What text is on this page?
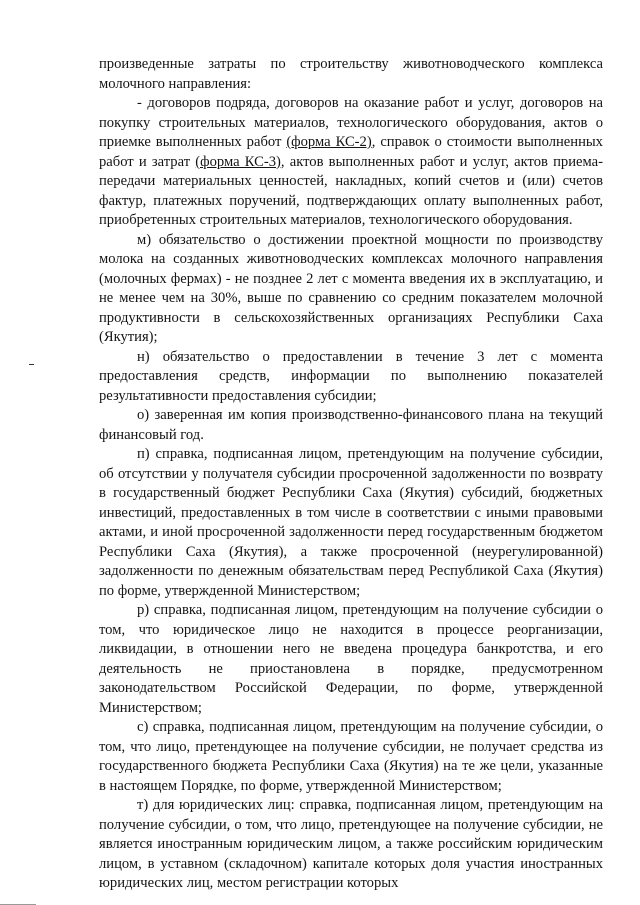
произведенные затраты по строительству животноводческого комплекса молочного направления:

- договоров подряда, договоров на оказание работ и услуг, договоров на покупку строительных материалов, технологического оборудования, актов о приемке выполненных работ (форма КС-2), справок о стоимости выполненных работ и затрат (форма КС-3), актов выполненных работ и услуг, актов приема-передачи материальных ценностей, накладных, копий счетов и (или) счетов фактур, платежных поручений, подтверждающих оплату выполненных работ, приобретенных строительных материалов, технологического оборудования.

м) обязательство о достижении проектной мощности по производству молока на созданных животноводческих комплексах молочного направления (молочных фермах) - не позднее 2 лет с момента введения их в эксплуатацию, и не менее чем на 30%, выше по сравнению со средним показателем молочной продуктивности в сельскохозяйственных организациях Республики Саха (Якутия);

н) обязательство о предоставлении в течение 3 лет с момента предоставления средств, информации по выполнению показателей результативности предоставления субсидии;

о) заверенная им копия производственно-финансового плана на текущий финансовый год.

п) справка, подписанная лицом, претендующим на получение субсидии, об отсутствии у получателя субсидии просроченной задолженности по возврату в государственный бюджет Республики Саха (Якутия) субсидий, бюджетных инвестиций, предоставленных в том числе в соответствии с иными правовыми актами, и иной просроченной задолженности перед государственным бюджетом Республики Саха (Якутия), а также просроченной (неурегулированной) задолженности по денежным обязательствам перед Республикой Саха (Якутия) по форме, утвержденной Министерством;

р) справка, подписанная лицом, претендующим на получение субсидии о том, что юридическое лицо не находится в процессе реорганизации, ликвидации, в отношении него не введена процедура банкротства, и его деятельность не приостановлена в порядке, предусмотренном законодательством Российской Федерации, по форме, утвержденной Министерством;

с) справка, подписанная лицом, претендующим на получение субсидии, о том, что лицо, претендующее на получение субсидии, не получает средства из государственного бюджета Республики Саха (Якутия) на те же цели, указанные в настоящем Порядке, по форме, утвержденной Министерством;

т) для юридических лиц: справка, подписанная лицом, претендующим на получение субсидии, о том, что лицо, претендующее на получение субсидии, не является иностранным юридическим лицом, а также российским юридическим лицом, в уставном (складочном) капитале которых доля участия иностранных юридических лиц, местом регистрации которых
